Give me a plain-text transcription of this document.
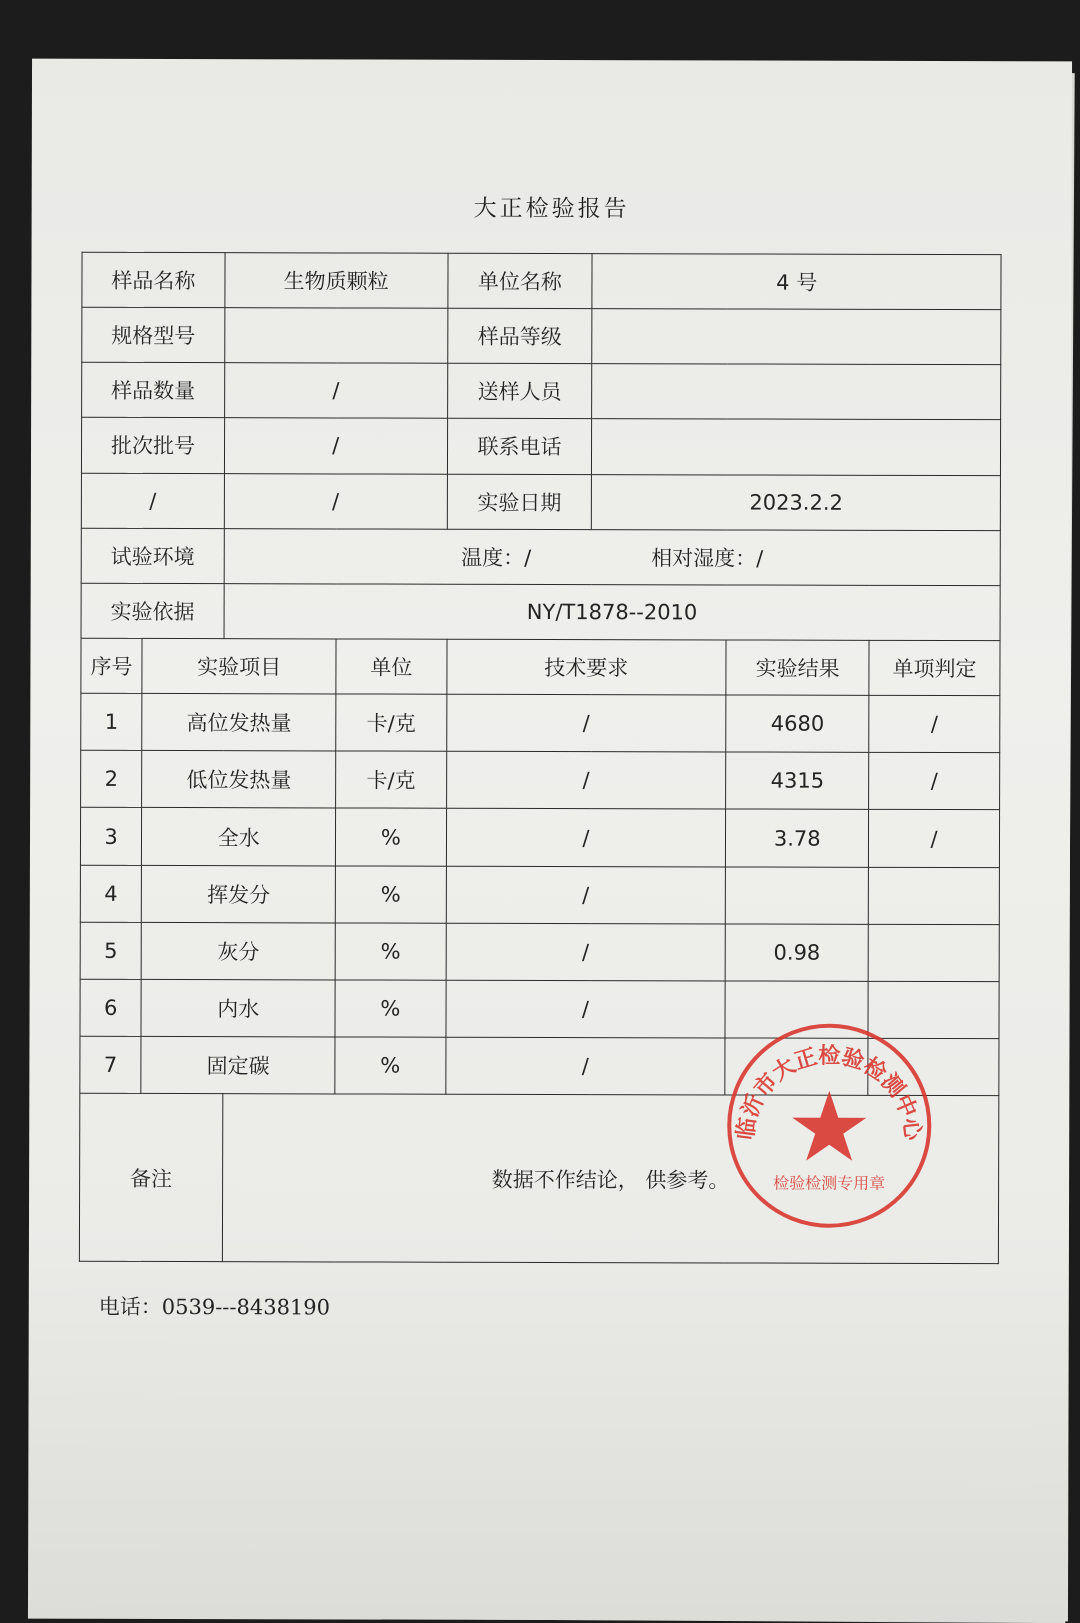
大正检验报告
样品名称		生物质颗粒		单位名称	4 号		
规格型号				样品等级			
样品数量		/		送样人员			
批次批号		/		联系电话			
/		/		实验日期	2023.2.2		
试验环境		温度：/ 相对湿度：/					

实验依据		NY/T1878--2010					
序号	实验项目		单位	技术要求		实验结果	单项判定
1	高位发热量		卡/克	/		4680	/
2	低位发热量		卡/克	/		4315	/
3	全水		%	/		3.78	/
4	挥发分		%	/			
5	灰分		%	/		0.98	
6	内水		%	/			
7	固定碳		%	/			
备注		数据不作结论， 供参考。					
电话：0539---8438190
临沂市大正检验检测中心
检验检测专用章
